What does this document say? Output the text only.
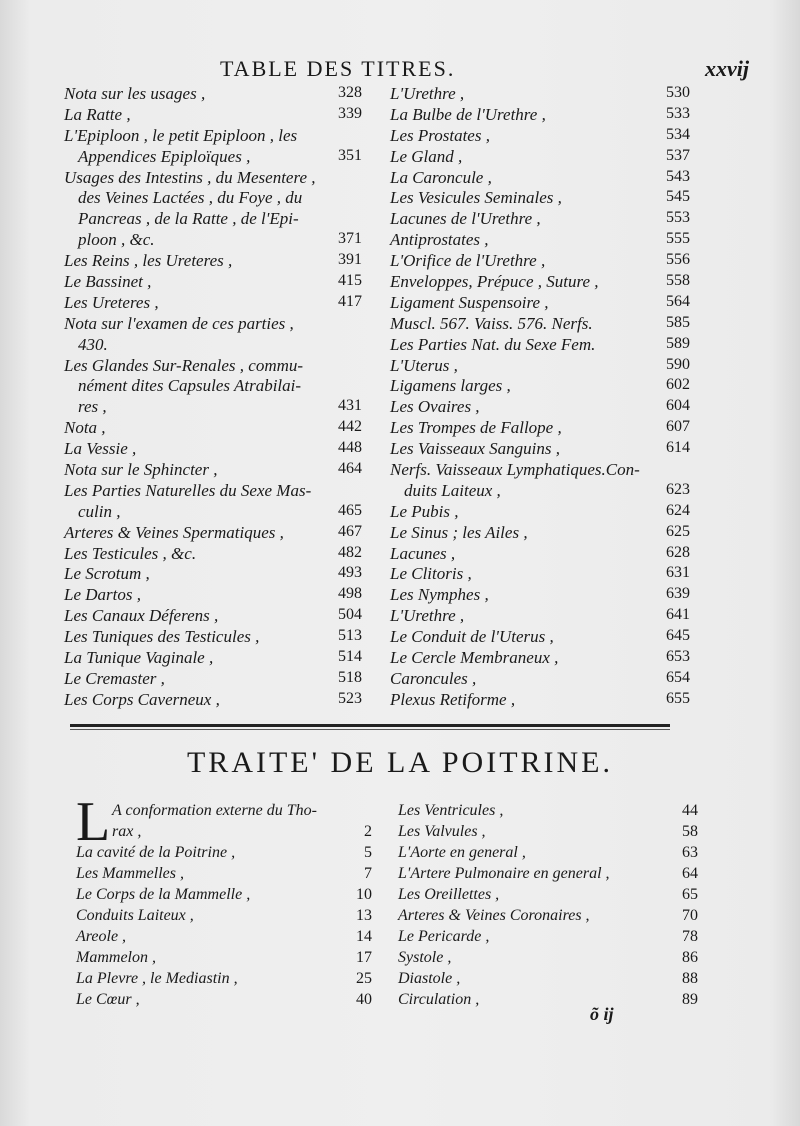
TABLE DES TITRES.	xxvij
Nota sur les usages ,	328
La Ratte ,	339
L'Epiploon , le petit Epiploon , les
Appendices Epiploïques ,	351
Usages des Intestins , du Mesentere ,
des Veines Lactées , du Foye , du
Pancreas , de la Ratte , de l'Epi-
ploon , &c.	371
Les Reins , les Ureteres ,	391
Le Bassinet ,	415
Les Ureteres ,	417
Nota sur l'examen de ces parties ,
430.
Les Glandes Sur-Renales , commu-
nément dites Capsules Atrabilai-
res ,	431
Nota ,	442
La Vessie ,	448
Nota sur le Sphincter ,	464
Les Parties Naturelles du Sexe Mas-
culin ,	465
Arteres & Veines Spermatiques ,	467
Les Testicules , &c.	482
Le Scrotum ,	493
Le Dartos ,	498
Les Canaux Déferens ,	504
Les Tuniques des Testicules ,	513
La Tunique Vaginale ,	514
Le Cremaster ,	518
Les Corps Caverneux ,	523
L'Urethre ,	530
La Bulbe de l'Urethre ,	533
Les Prostates ,	534
Le Gland ,	537
La Caroncule ,	543
Les Vesicules Seminales ,	545
Lacunes de l'Urethre ,	553
Antiprostates ,	555
L'Orifice de l'Urethre ,	556
Enveloppes, Prépuce , Suture ,	558
Ligament Suspensoire ,	564
Muscl. 567. Vaiss. 576. Nerfs.	585
Les Parties Nat. du Sexe Fem.	589
L'Uterus ,	590
Ligamens larges ,	602
Les Ovaires ,	604
Les Trompes de Fallope ,	607
Les Vaisseaux Sanguins ,	614
Nerfs. Vaisseaux Lymphatiques.Con-
duits Laiteux ,	623
Le Pubis ,	624
Le Sinus ; les Ailes ,	625
Lacunes ,	628
Le Clitoris ,	631
Les Nymphes ,	639
L'Urethre ,	641
Le Conduit de l'Uterus ,	645
Le Cercle Membraneux ,	653
Caroncules ,	654
Plexus Retiforme ,	655
TRAITE' DE LA POITRINE.
L A conformation externe du Tho-
rax ,	2
La cavité de la Poitrine ,	5
Les Mammelles ,	7
Le Corps de la Mammelle ,	10
Conduits Laiteux ,	13
Areole ,	14
Mammelon ,	17
La Plevre , le Mediastin ,	25
Le Cœur ,	40
Les Ventricules ,	44
Les Valvules ,	58
L'Aorte en general ,	63
L'Artere Pulmonaire en general ,	64
Les Oreillettes ,	65
Arteres & Veines Coronaires ,	70
Le Pericarde ,	78
Systole ,	86
Diastole ,	88
Circulation ,	89
õ ij
